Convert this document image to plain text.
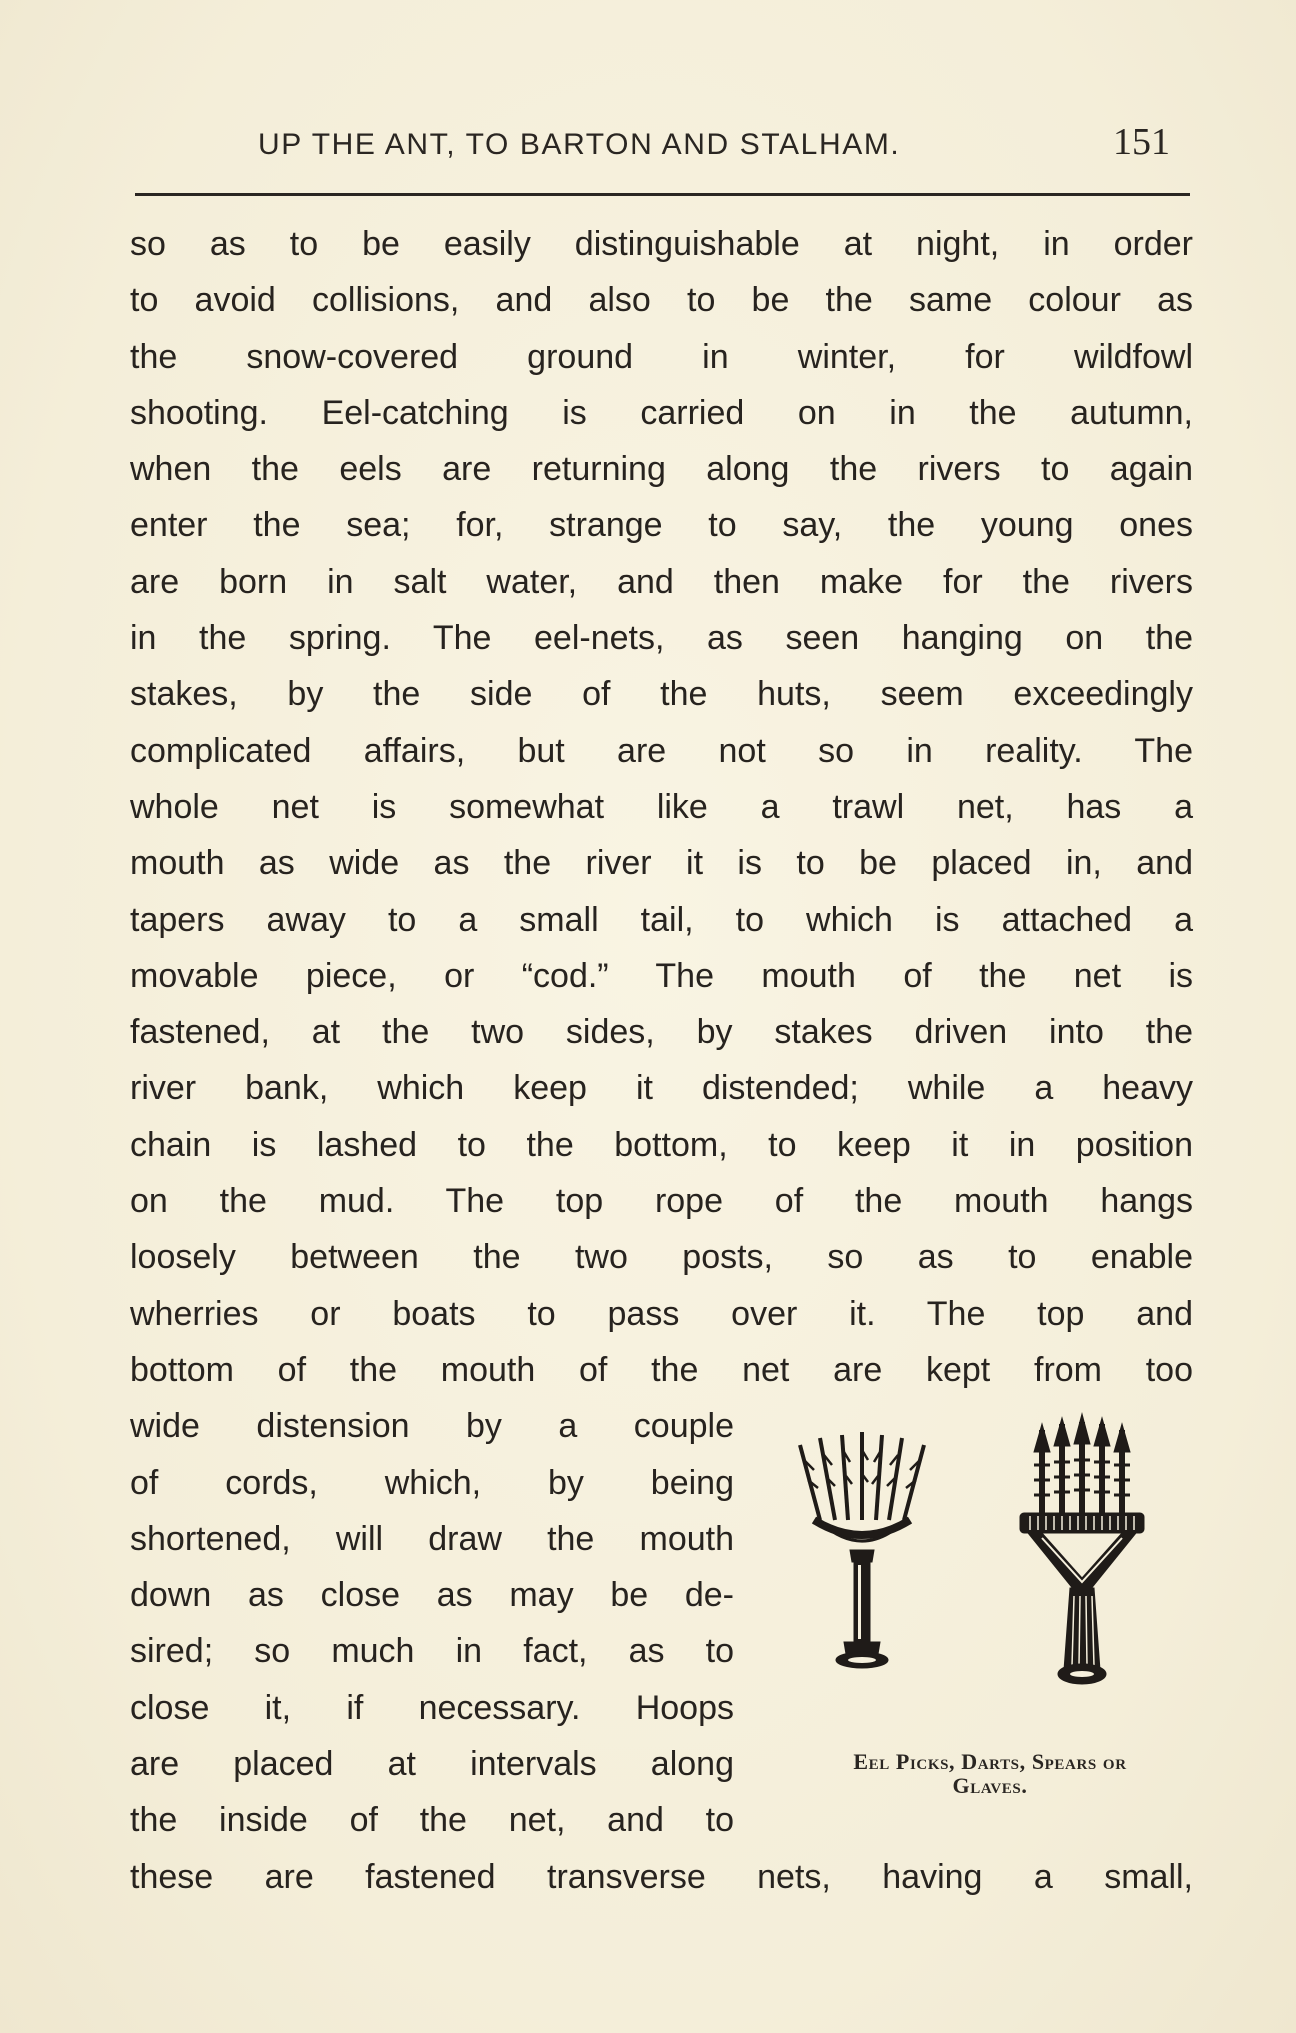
UP THE ANT, TO BARTON AND STALHAM.	151
so as to be easily distinguishable at night, in order
to avoid collisions, and also to be the same colour as
the snow-covered ground in winter, for wildfowl
shooting. Eel-catching is carried on in the autumn,
when the eels are returning along the rivers to again
enter the sea; for, strange to say, the young ones
are born in salt water, and then make for the rivers
in the spring. The eel-nets, as seen hanging on the
stakes, by the side of the huts, seem exceedingly
complicated affairs, but are not so in reality. The
whole net is somewhat like a trawl net, has a
mouth as wide as the river it is to be placed in, and
tapers away to a small tail, to which is attached a
movable piece, or “cod.” The mouth of the net is
fastened, at the two sides, by stakes driven into the
river bank, which keep it distended; while a heavy
chain is lashed to the bottom, to keep it in position
on the mud. The top rope of the mouth hangs
loosely between the two posts, so as to enable
wherries or boats to pass over it. The top and
bottom of the mouth of the net are kept from too
wide distension by a couple
of cords, which, by being
shortened, will draw the mouth
down as close as may be de-
sired; so much in fact, as to
close it, if necessary. Hoops
are placed at intervals along
the inside of the net, and to
these are fastened transverse nets, having a small,
Eel Picks, Darts, Spears or
Glaves.
